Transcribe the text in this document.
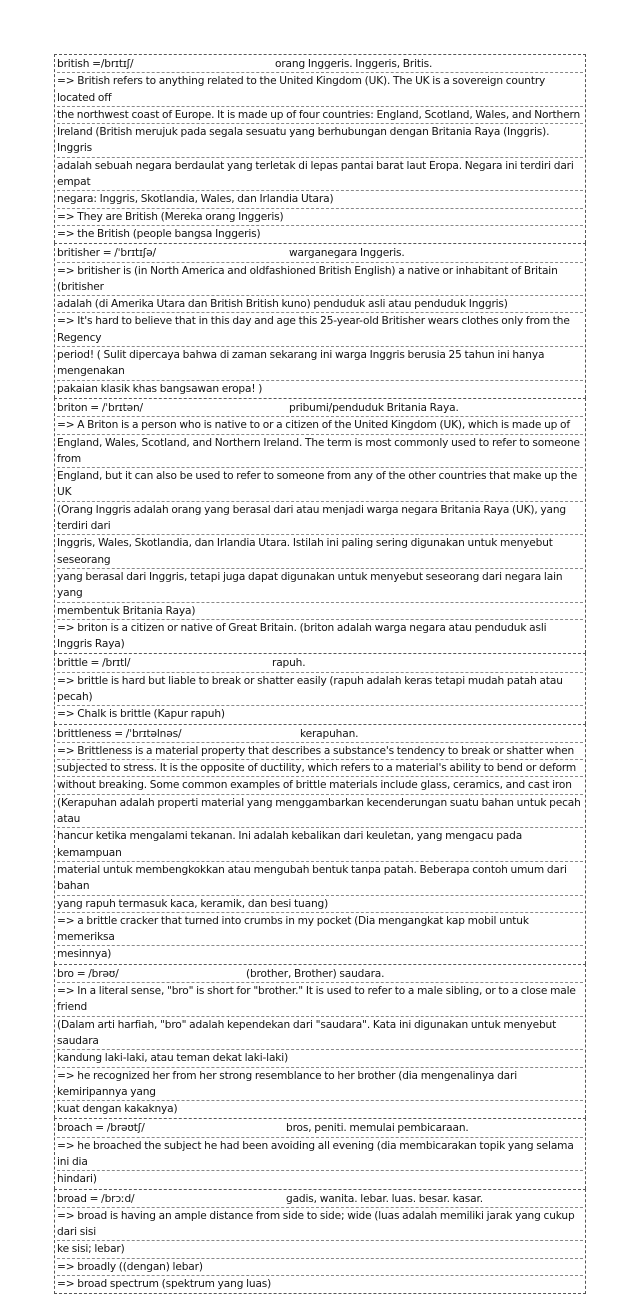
british =/brɪtɪʃ/	orang Inggeris. Inggeris, Britis.
=> British refers to anything related to the United Kingdom (UK). The UK is a sovereign country located off
the northwest coast of Europe. It is made up of four countries: England, Scotland, Wales, and Northern
Ireland (British merujuk pada segala sesuatu yang berhubungan dengan Britania Raya (Inggris). Inggris
adalah sebuah negara berdaulat yang terletak di lepas pantai barat laut Eropa. Negara ini terdiri dari empat
negara: Inggris, Skotlandia, Wales, dan Irlandia Utara)
=> They are British (Mereka orang Inggeris)
=> the British (people bangsa Inggeris)
britisher = /ˈbrɪtɪʃə/	warganegara Inggeris.
=> britisher is (in North America and oldfashioned British English) a native or inhabitant of Britain (britisher
adalah (di Amerika Utara dan British British kuno) penduduk asli atau penduduk Inggris)
=> It's hard to believe that in this day and age this 25-year-old Britisher wears clothes only from the Regency
period! ( Sulit dipercaya bahwa di zaman sekarang ini warga Inggris berusia 25 tahun ini hanya mengenakan
pakaian klasik khas bangsawan eropa! )
briton = /ˈbrɪtən/	pribumi/penduduk Britania Raya.
=> A Briton is a person who is native to or a citizen of the United Kingdom (UK), which is made up of
England, Wales, Scotland, and Northern Ireland. The term is most commonly used to refer to someone from
England, but it can also be used to refer to someone from any of the other countries that make up the UK
(Orang Inggris adalah orang yang berasal dari atau menjadi warga negara Britania Raya (UK), yang terdiri dari
Inggris, Wales, Skotlandia, dan Irlandia Utara. Istilah ini paling sering digunakan untuk menyebut seseorang
yang berasal dari Inggris, tetapi juga dapat digunakan untuk menyebut seseorang dari negara lain yang
membentuk Britania Raya)
=> briton is a citizen or native of Great Britain. (briton adalah warga negara atau penduduk asli Inggris Raya)
brittle = /brɪtl/	rapuh.
=> brittle is hard but liable to break or shatter easily (rapuh adalah keras tetapi mudah patah atau pecah)
=> Chalk is brittle (Kapur rapuh)
brittleness = /ˈbrɪtəlnəs/	kerapuhan.
=> Brittleness is a material property that describes a substance's tendency to break or shatter when
subjected to stress. It is the opposite of ductility, which refers to a material's ability to bend or deform
without breaking. Some common examples of brittle materials include glass, ceramics, and cast iron
(Kerapuhan adalah properti material yang menggambarkan kecenderungan suatu bahan untuk pecah atau
hancur ketika mengalami tekanan. Ini adalah kebalikan dari keuletan, yang mengacu pada kemampuan
material untuk membengkokkan atau mengubah bentuk tanpa patah. Beberapa contoh umum dari bahan
yang rapuh termasuk kaca, keramik, dan besi tuang)
=> a brittle cracker that turned into crumbs in my pocket (Dia mengangkat kap mobil untuk memeriksa
mesinnya)
bro = /brəʊ/	(brother, Brother) saudara.
=> In a literal sense, "bro" is short for "brother." It is used to refer to a male sibling, or to a close male friend
(Dalam arti harfiah, "bro" adalah kependekan dari "saudara". Kata ini digunakan untuk menyebut saudara
kandung laki-laki, atau teman dekat laki-laki)
=> he recognized her from her strong resemblance to her brother (dia mengenalinya dari kemiripannya yang
kuat dengan kakaknya)
broach = /brəʊtʃ/	bros, peniti. memulai pembicaraan.
=> he broached the subject he had been avoiding all evening (dia membicarakan topik yang selama ini dia
hindari)
broad = /brɔːd/	gadis, wanita. lebar. luas. besar. kasar.
=> broad is having an ample distance from side to side; wide (luas adalah memiliki jarak yang cukup dari sisi
ke sisi; lebar)
=> broadly ((dengan) lebar)
=> broad spectrum (spektrum yang luas)
